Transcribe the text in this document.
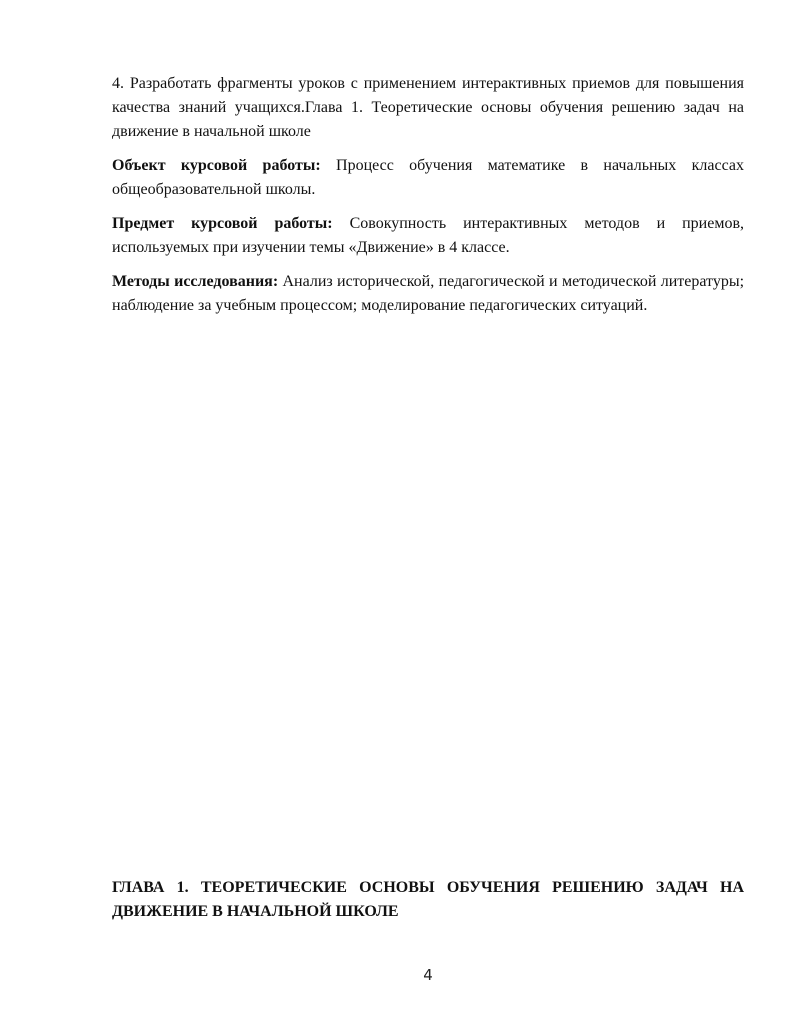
4. Разработать фрагменты уроков с применением интерактивных приемов для повышения качества знаний учащихся.Глава 1. Теоретические основы обучения решению задач на движение в начальной школе

Объект курсовой работы: Процесс обучения математике в начальных классах общеобразовательной школы.

Предмет курсовой работы: Совокупность интерактивных методов и приемов, используемых при изучении темы «Движение» в 4 классе.

Методы исследования: Анализ исторической, педагогической и методической литературы; наблюдение за учебным процессом; моделирование педагогических ситуаций.

ГЛАВА 1. ТЕОРЕТИЧЕСКИЕ ОСНОВЫ ОБУЧЕНИЯ РЕШЕНИЮ ЗАДАЧ НА ДВИЖЕНИЕ В НАЧАЛЬНОЙ ШКОЛЕ
4
